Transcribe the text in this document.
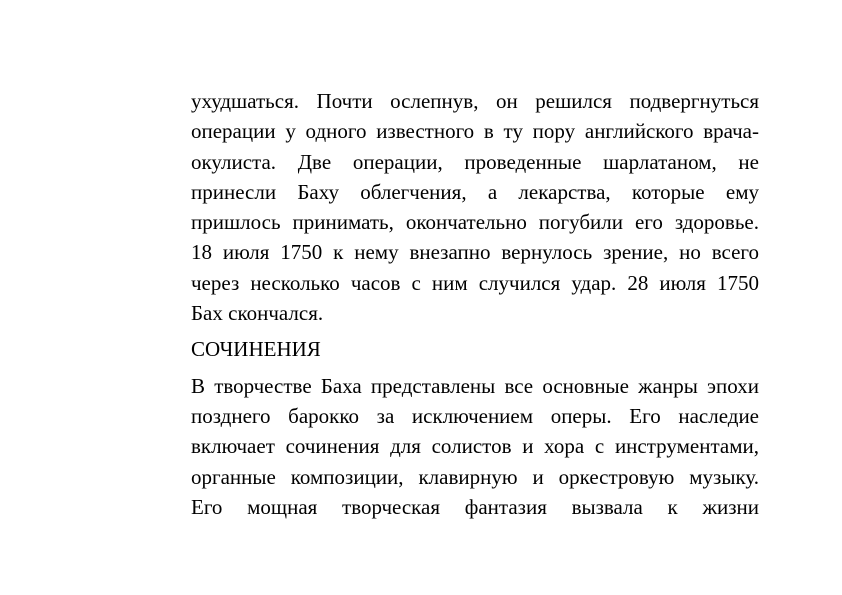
ухудшаться. Почти ослепнув, он решился подвергнуться
операции у одного известного в ту пору английского врача-
окулиста. Две операции, проведенные шарлатаном, не
принесли Баху облегчения, а лекарства, которые ему
пришлось принимать, окончательно погубили его здоровье.
18 июля 1750 к нему внезапно вернулось зрение, но всего
через несколько часов с ним случился удар. 28 июля 1750
Бах скончался.
СОЧИНЕНИЯ
В творчестве Баха представлены все основные жанры эпохи
позднего барокко за исключением оперы. Его наследие
включает сочинения для солистов и хора с инструментами,
органные композиции, клавирную и оркестровую музыку.
Его мощная творческая фантазия вызвала к жизни
